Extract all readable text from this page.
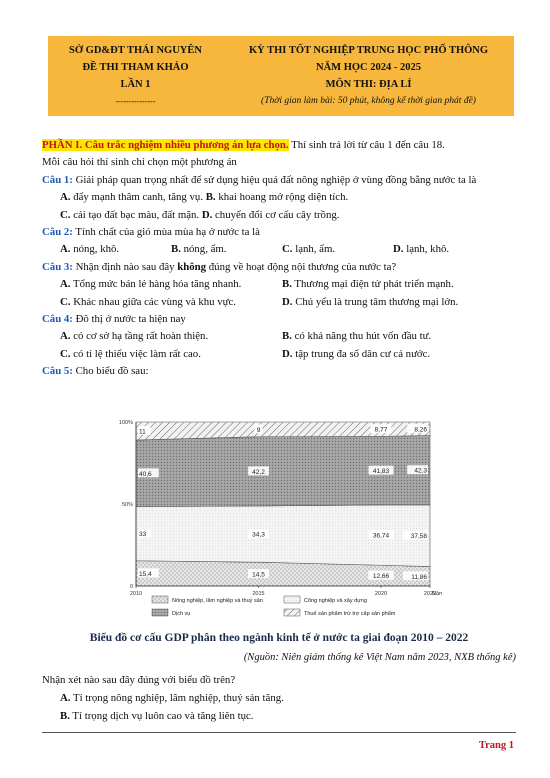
SỞ GD&ĐT THÁI NGUYÊN
ĐỀ THI THAM KHẢO
LẦN 1
---------------
KỲ THI TỐT NGHIỆP TRUNG HỌC PHỔ THÔNG
NĂM HỌC 2024 - 2025
MÔN THI: ĐỊA LÍ
(Thời gian làm bài: 50 phút, không kể thời gian phát đề)

PHẦN I. Câu trắc nghiệm nhiều phương án lựa chọn. Thí sinh trả lời từ câu 1 đến câu 18.

Mỗi câu hỏi thí sinh chỉ chọn một phương án

Câu 1: Giải pháp quan trọng nhất để sử dụng hiệu quả đất nông nghiệp ở vùng đồng bằng nước ta là

A. đẩy mạnh thâm canh, tăng vụ. B. khai hoang mở rộng diện tích.

C. cải tạo đất bạc màu, đất mặn. D. chuyển đổi cơ cấu cây trồng.

Câu 2: Tính chất của gió mùa mùa hạ ở nước ta là

A. nóng, khô.	B. nóng, ẩm.	C. lạnh, ẩm.	D. lạnh, khô.

Câu 3: Nhận định nào sau đây không đúng về hoạt động nội thương của nước ta?

A. Tổng mức bán lẻ hàng hóa tăng nhanh.	B. Thương mại điện tử phát triển mạnh.
C. Khác nhau giữa các vùng và khu vực.	D. Chủ yếu là trung tâm thương mại lớn.

Câu 4: Đô thị ở nước ta hiện nay

A. có cơ sở hạ tầng rất hoàn thiện.	B. có khả năng thu hút vốn đầu tư.
C. có tỉ lệ thiếu việc làm rất cao.	D. tập trung đa số dân cư cả nước.

Câu 5: Cho biểu đồ sau:

15,4	14,5	12,66	11,86
33	34,3	36,74	37,58
40,6	42,2	41,83	42,3
11	9	8,77	8,26
0
50%
100%
2010	2015	2020	2022
Năm
Nông nghiệp, lâm nghiệp và thuỷ sản	Công nghiệp và xây dựng
Dịch vụ	Thuế sản phẩm trừ trợ cấp sản phẩm
Biểu đồ cơ cấu GDP phân theo ngành kinh tế ở nước ta giai đoạn 2010 – 2022
(Nguồn: Niên giám thống kê Việt Nam năm 2023, NXB thống kê)

Nhận xét nào sau đây đúng với biểu đồ trên?

A. Tỉ trọng nông nghiệp, lâm nghiệp, thuỷ sản tăng.

B. Tỉ trọng dịch vụ luôn cao và tăng liên tục.

Trang 1
